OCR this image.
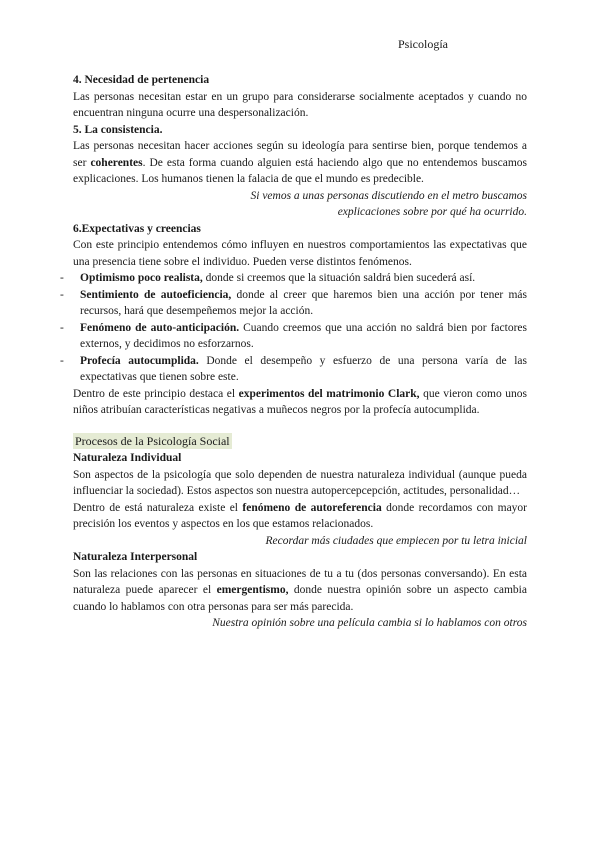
Psicología
4. Necesidad de pertenencia
Las personas necesitan estar en un grupo para considerarse socialmente aceptados y cuando no encuentran ninguna ocurre una despersonalización.
5. La consistencia.
Las personas necesitan hacer acciones según su ideología para sentirse bien, porque tendemos a ser coherentes. De esta forma cuando alguien está haciendo algo que no entendemos buscamos explicaciones. Los humanos tienen la falacia de que el mundo es predecible.
Si vemos a unas personas discutiendo en el metro buscamos explicaciones sobre por qué ha ocurrido.
6.Expectativas y creencias
Con este principio entendemos cómo influyen en nuestros comportamientos las expectativas que una presencia tiene sobre el individuo. Pueden verse distintos fenómenos.
- Optimismo poco realista, donde si creemos que la situación saldrá bien sucederá así.
- Sentimiento de autoeficiencia, donde al creer que haremos bien una acción por tener más recursos, hará que desempeñemos mejor la acción.
- Fenómeno de auto-anticipación. Cuando creemos que una acción no saldrá bien por factores externos, y decidimos no esforzarnos.
- Profecía autocumplida. Donde el desempeño y esfuerzo de una persona varía de las expectativas que tienen sobre este.
Dentro de este principio destaca el experimentos del matrimonio Clark, que vieron como unos niños atribuían características negativas a muñecos negros por la profecía autocumplida.
Procesos de la Psicología Social
Naturaleza Individual
Son aspectos de la psicología que solo dependen de nuestra naturaleza individual (aunque pueda influenciar la sociedad). Estos aspectos son nuestra autopercepcepción, actitudes, personalidad…
Dentro de está naturaleza existe el fenómeno de autoreferencia donde recordamos con mayor precisión los eventos y aspectos en los que estamos relacionados.
Recordar más ciudades que empiecen por tu letra inicial
Naturaleza Interpersonal
Son las relaciones con las personas en situaciones de tu a tu (dos personas conversando). En esta naturaleza puede aparecer el emergentismo, donde nuestra opinión sobre un aspecto cambia cuando lo hablamos con otra personas para ser más parecida.
Nuestra opinión sobre una película cambia si lo hablamos con otros
